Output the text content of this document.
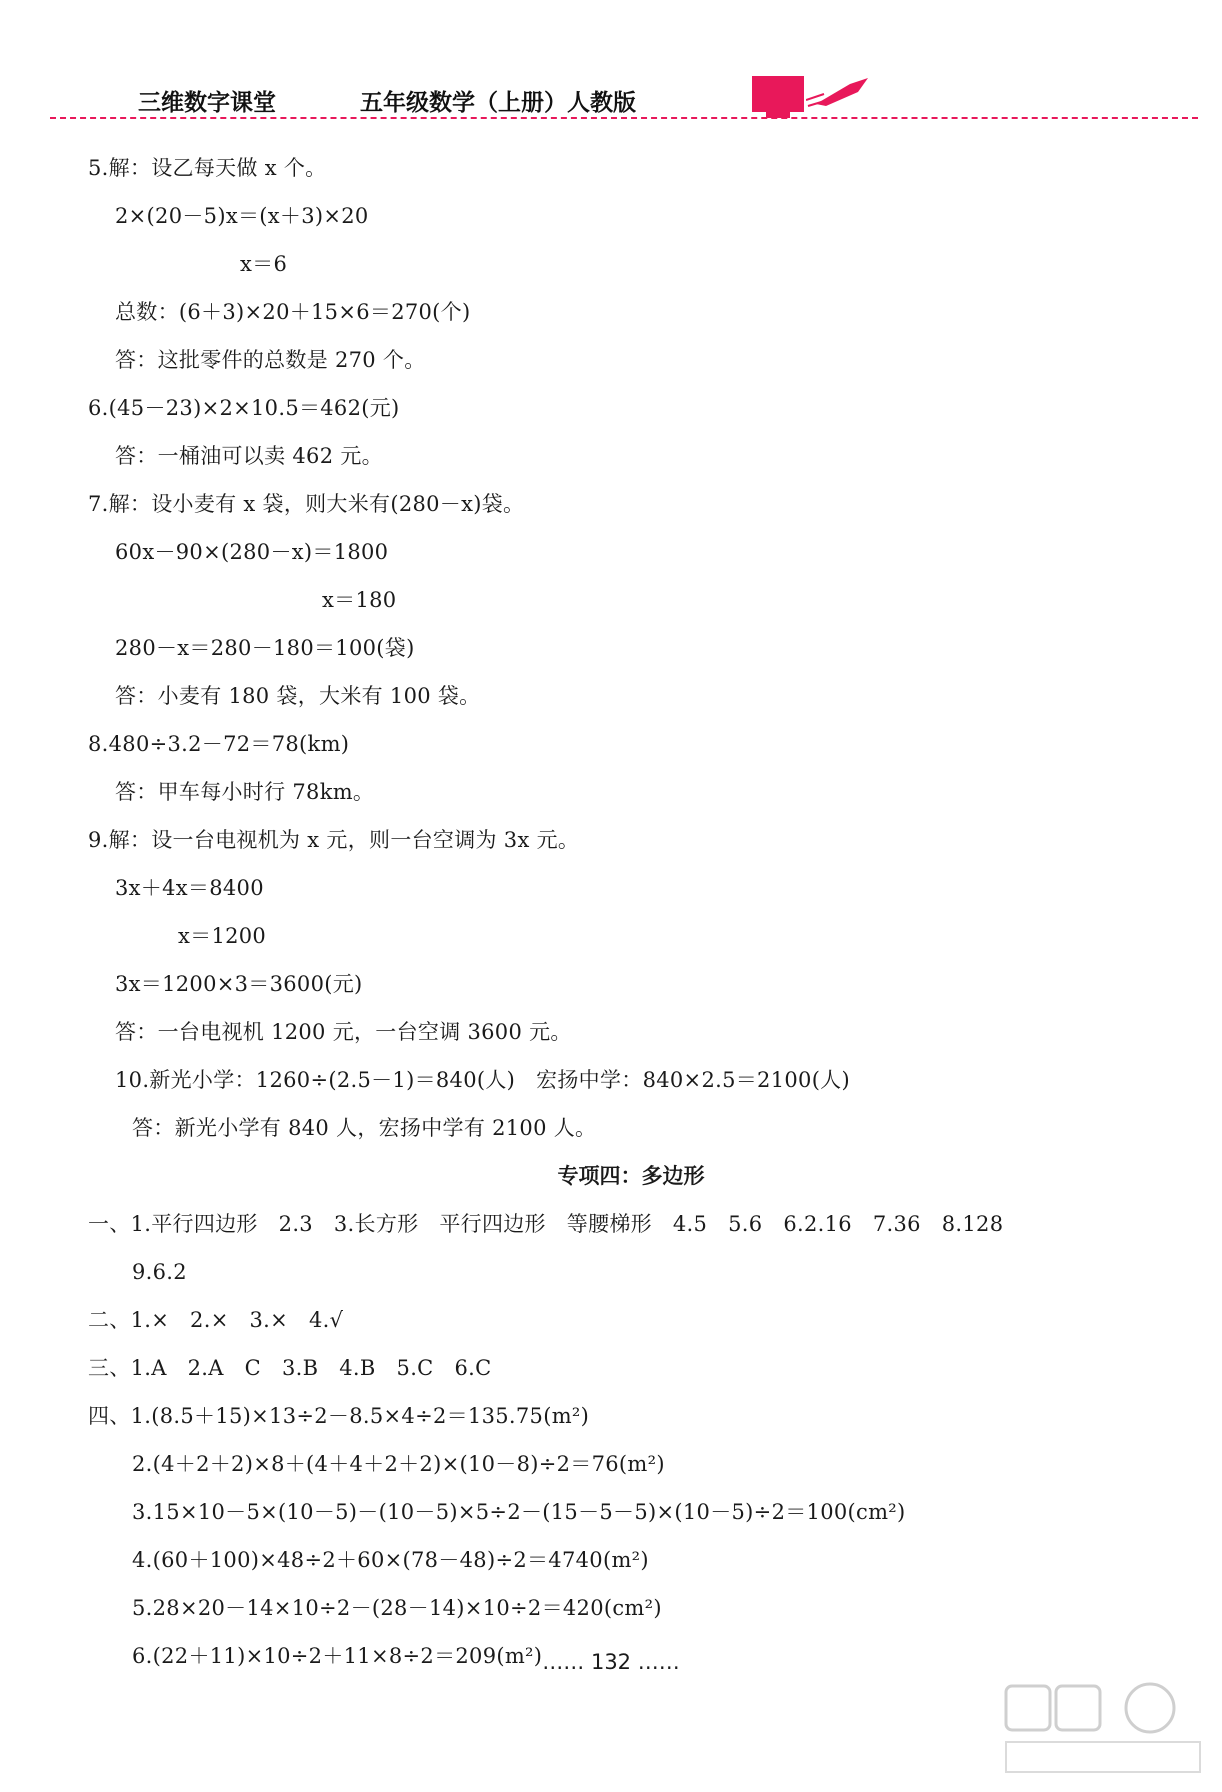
三维数字课堂	五年级数学（上册）人教版
5.解：设乙每天做 x 个。
2×(20－5)x＝(x＋3)×20
x＝6
总数：(6＋3)×20＋15×6＝270(个)
答：这批零件的总数是 270 个。
6.(45－23)×2×10.5＝462(元)
答：一桶油可以卖 462 元。
7.解：设小麦有 x 袋，则大米有(280－x)袋。
60x－90×(280－x)＝1800
x＝180
280－x＝280－180＝100(袋)
答：小麦有 180 袋，大米有 100 袋。
8.480÷3.2－72＝78(km)
答：甲车每小时行 78km。
9.解：设一台电视机为 x 元，则一台空调为 3x 元。
3x＋4x＝8400
x＝1200
3x＝1200×3＝3600(元)
答：一台电视机 1200 元，一台空调 3600 元。
10.新光小学：1260÷(2.5－1)＝840(人)   宏扬中学：840×2.5＝2100(人)
答：新光小学有 840 人，宏扬中学有 2100 人。
专项四：多边形
一、1.平行四边形   2.3   3.长方形   平行四边形   等腰梯形   4.5   5.6   6.2.16   7.36   8.128
9.6.2
二、1.×   2.×   3.×   4.√
三、1.A   2.A   C   3.B   4.B   5.C   6.C
四、1.(8.5＋15)×13÷2－8.5×4÷2＝135.75(m²)
2.(4＋2＋2)×8＋(4＋4＋2＋2)×(10－8)÷2＝76(m²)
3.15×10－5×(10－5)－(10－5)×5÷2－(15－5－5)×(10－5)÷2＝100(cm²)
4.(60＋100)×48÷2＋60×(78－48)÷2＝4740(m²)
5.28×20－14×10÷2－(28－14)×10÷2＝420(cm²)
6.(22＋11)×10÷2＋11×8÷2＝209(m²) …… 132 ……
